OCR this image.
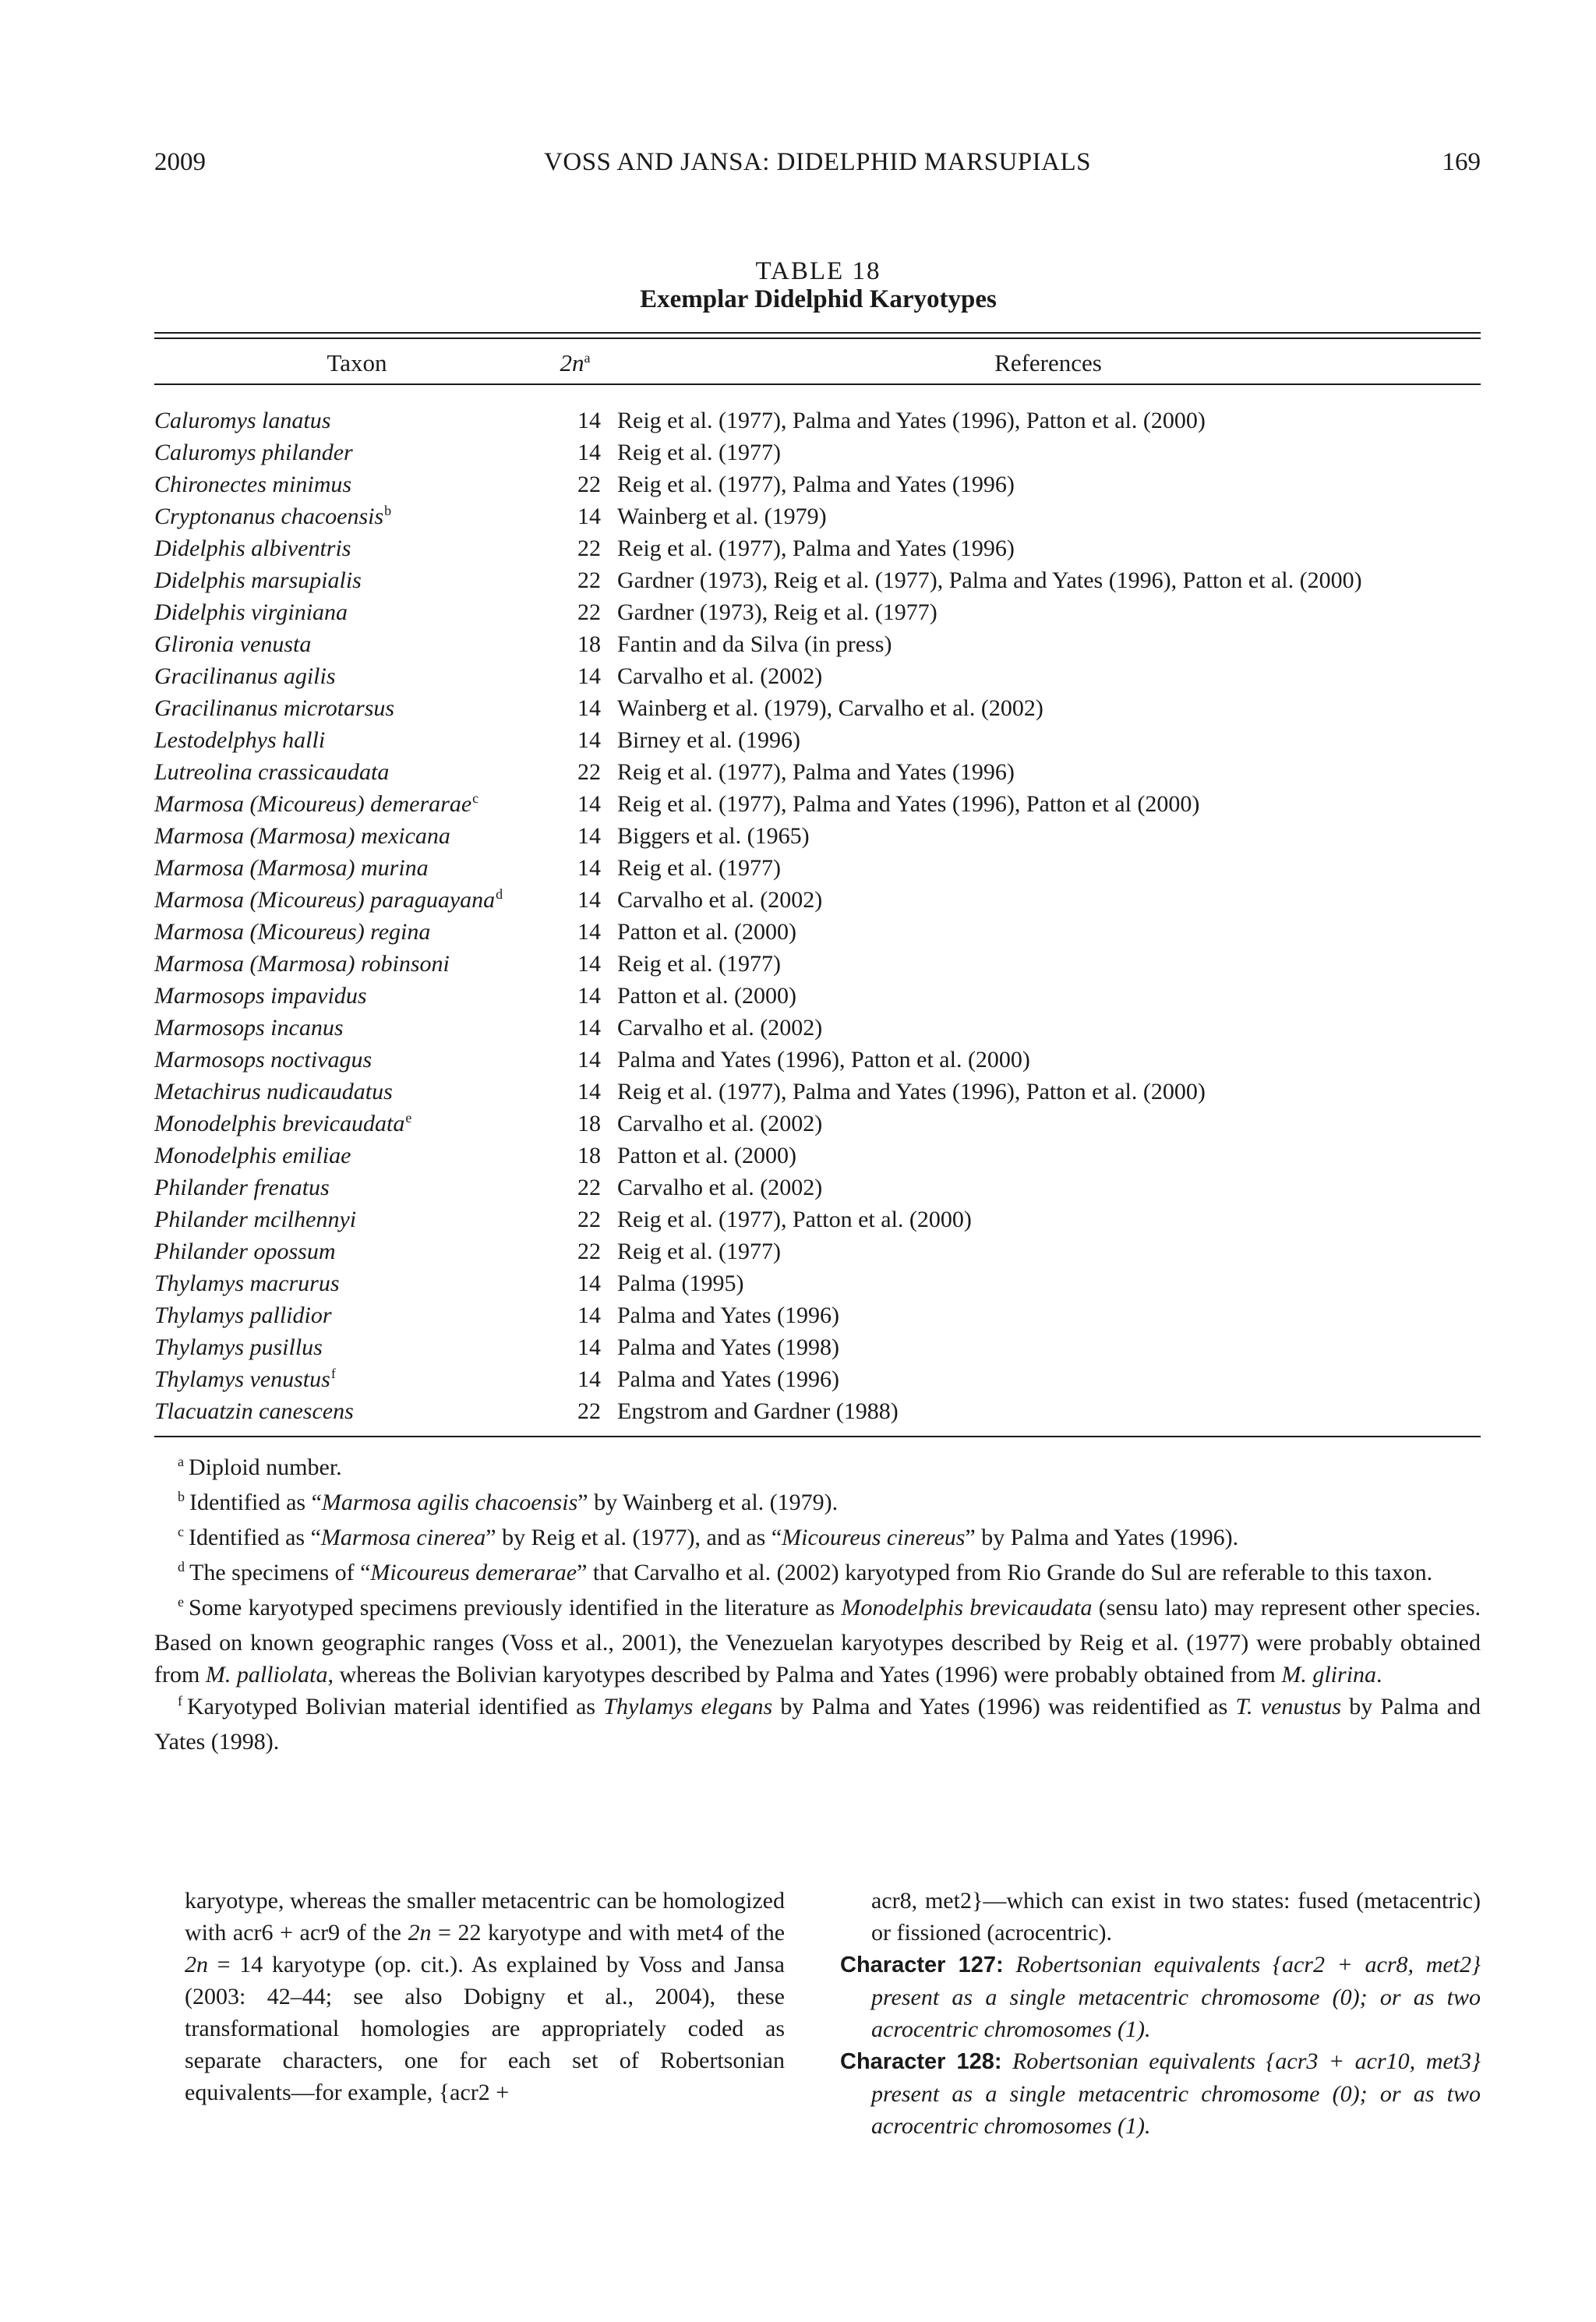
2009	VOSS AND JANSA: DIDELPHID MARSUPIALS	169
TABLE 18
Exemplar Didelphid Karyotypes
Taxon	$2n^a$	References
Caluromys lanatus	14 Reig et al. (1977), Palma and Yates (1996), Patton et al. (2000)
Caluromys philander	14 Reig et al. (1977)
Chironectes minimus	22 Reig et al. (1977), Palma and Yates (1996)
Cryptonanus chacoensis$^b$	14 Wainberg et al. (1979)
Didelphis albiventris	22 Reig et al. (1977), Palma and Yates (1996)
Didelphis marsupialis	22 Gardner (1973), Reig et al. (1977), Palma and Yates (1996), Patton et al. (2000)
Didelphis virginiana	22 Gardner (1973), Reig et al. (1977)
Glironia venusta	18 Fantin and da Silva (in press)
Gracilinanus agilis	14 Carvalho et al. (2002)
Gracilinanus microtarsus	14 Wainberg et al. (1979), Carvalho et al. (2002)
Lestodelphys halli	14 Birney et al. (1996)
Lutreolina crassicaudata	22 Reig et al. (1977), Palma and Yates (1996)
Marmosa (Micoureus) demerarae$^c$	14 Reig et al. (1977), Palma and Yates (1996), Patton et al (2000)
Marmosa (Marmosa) mexicana	14 Biggers et al. (1965)
Marmosa (Marmosa) murina	14 Reig et al. (1977)
Marmosa (Micoureus) paraguayana$^d$	14 Carvalho et al. (2002)
Marmosa (Micoureus) regina	14 Patton et al. (2000)
Marmosa (Marmosa) robinsoni	14 Reig et al. (1977)
Marmosops impavidus	14 Patton et al. (2000)
Marmosops incanus	14 Carvalho et al. (2002)
Marmosops noctivagus	14 Palma and Yates (1996), Patton et al. (2000)
Metachirus nudicaudatus	14 Reig et al. (1977), Palma and Yates (1996), Patton et al. (2000)
Monodelphis brevicaudata$^e$	18 Carvalho et al. (2002)
Monodelphis emiliae	18 Patton et al. (2000)
Philander frenatus	22 Carvalho et al. (2002)
Philander mcilhennyi	22 Reig et al. (1977), Patton et al. (2000)
Philander opossum	22 Reig et al. (1977)
Thylamys macrurus	14 Palma (1995)
Thylamys pallidior	14 Palma and Yates (1996)
Thylamys pusillus	14 Palma and Yates (1998)
Thylamys venustus$^f$	14 Palma and Yates (1996)
Tlacuatzin canescens	22 Engstrom and Gardner (1988)

$^a$ Diploid number.

$^b$ Identified as “Marmosa agilis chacoensis” by Wainberg et al. (1979).

$^c$ Identified as “Marmosa cinerea” by Reig et al. (1977), and as “Micoureus cinereus” by Palma and Yates (1996).

$^d$ The specimens of “Micoureus demerarae” that Carvalho et al. (2002) karyotyped from Rio Grande do Sul are referable to this taxon.

$^e$ Some karyotyped specimens previously identified in the literature as Monodelphis brevicaudata (sensu lato) may represent other species. Based on known geographic ranges (Voss et al., 2001), the Venezuelan karyotypes described by Reig et al. (1977) were probably obtained from M. palliolata, whereas the Bolivian karyotypes described by Palma and Yates (1996) were probably obtained from M. glirina.

$^f$ Karyotyped Bolivian material identified as Thylamys elegans by Palma and Yates (1996) was reidentified as T. venustus by Palma and Yates (1998).

karyotype, whereas the smaller metacentric can be homologized with acr6 + acr9 of the 2n = 22 karyotype and with met4 of the 2n = 14 karyotype (op. cit.). As explained by Voss and Jansa (2003: 42–44; see also Dobigny et al., 2004), these transformational homologies are appropriately coded as separate characters, one for each set of Robertsonian equivalents—for example, {acr2 +

acr8, met2}—which can exist in two states: fused (metacentric) or fissioned (acrocentric).

Character 127: Robertsonian equivalents {acr2 + acr8, met2} present as a single metacentric chromosome (0); or as two acrocentric chromosomes (1).

Character 128: Robertsonian equivalents {acr3 + acr10, met3} present as a single metacentric chromosome (0); or as two acrocentric chromosomes (1).
